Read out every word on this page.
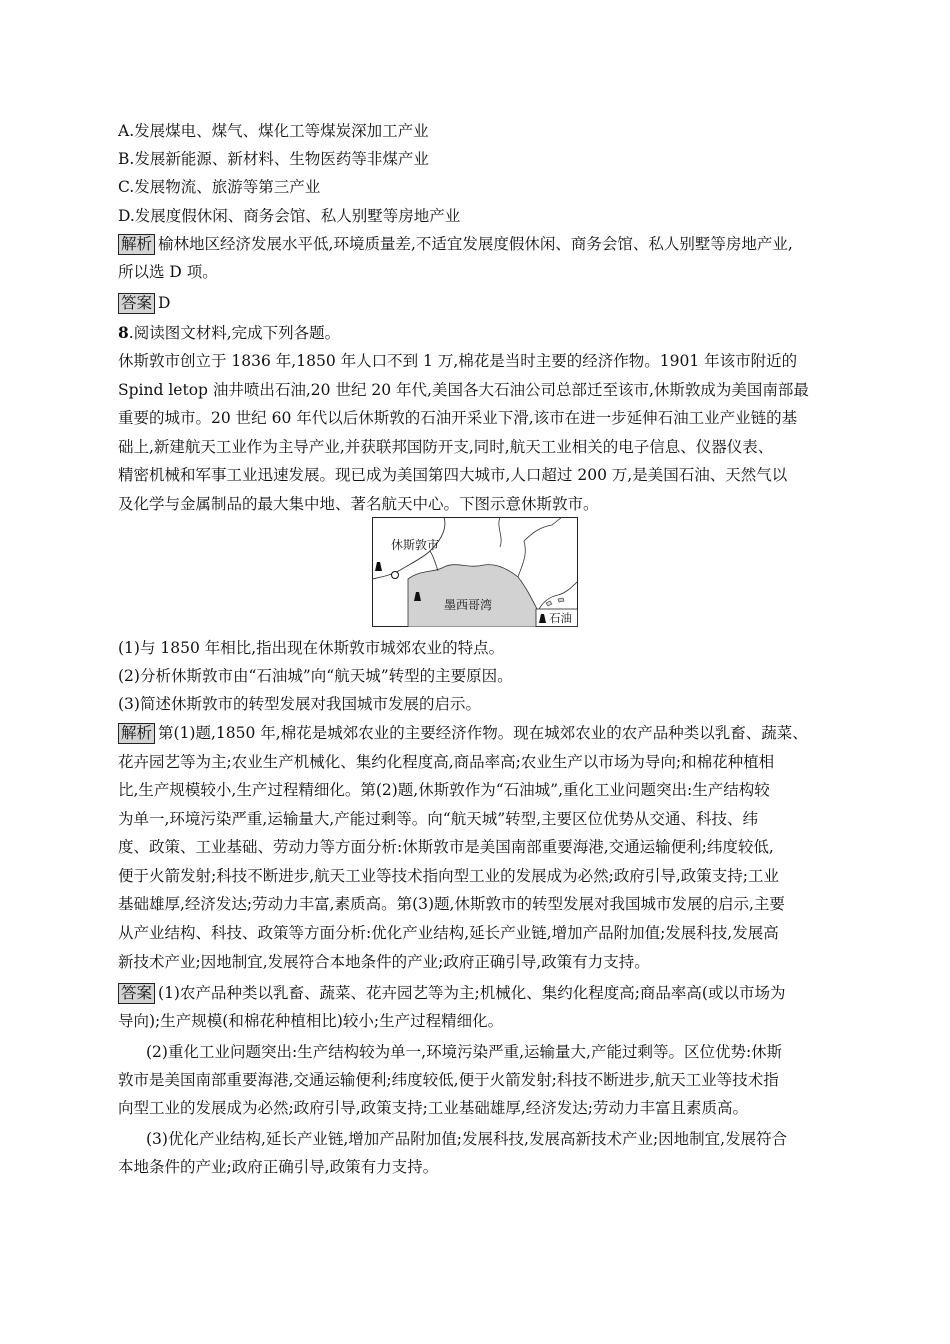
A.发展煤电、煤气、煤化工等煤炭深加工产业
B.发展新能源、新材料、生物医药等非煤产业
C.发展物流、旅游等第三产业
D.发展度假休闲、商务会馆、私人别墅等房地产业
解析 榆林地区经济发展水平低,环境质量差,不适宜发展度假休闲、商务会馆、私人别墅等房地产业,
所以选 D 项。
答案 D
8.阅读图文材料,完成下列各题。
休斯敦市创立于 1836 年,1850 年人口不到 1 万,棉花是当时主要的经济作物。1901 年该市附近的
Spind letop 油井喷出石油,20 世纪 20 年代,美国各大石油公司总部迁至该市,休斯敦成为美国南部最
重要的城市。20 世纪 60 年代以后休斯敦的石油开采业下滑,该市在进一步延伸石油工业产业链的基
础上,新建航天工业作为主导产业,并获联邦国防开支,同时,航天工业相关的电子信息、仪器仪表、
精密机械和军事工业迅速发展。现已成为美国第四大城市,人口超过 200 万,是美国石油、天然气以
及化学与金属制品的最大集中地、著名航天中心。下图示意休斯敦市。
休斯敦市
墨西哥湾
石油
(1)与 1850 年相比,指出现在休斯敦市城郊农业的特点。
(2)分析休斯敦市由“石油城”向“航天城”转型的主要原因。
(3)简述休斯敦市的转型发展对我国城市发展的启示。
解析 第(1)题,1850 年,棉花是城郊农业的主要经济作物。现在城郊农业的农产品种类以乳畜、蔬菜、
花卉园艺等为主;农业生产机械化、集约化程度高,商品率高;农业生产以市场为导向;和棉花种植相
比,生产规模较小,生产过程精细化。第(2)题,休斯敦作为“石油城”,重化工业问题突出:生产结构较
为单一,环境污染严重,运输量大,产能过剩等。向“航天城”转型,主要区位优势从交通、科技、纬
度、政策、工业基础、劳动力等方面分析:休斯敦市是美国南部重要海港,交通运输便利;纬度较低,
便于火箭发射;科技不断进步,航天工业等技术指向型工业的发展成为必然;政府引导,政策支持;工业
基础雄厚,经济发达;劳动力丰富,素质高。第(3)题,休斯敦市的转型发展对我国城市发展的启示,主要
从产业结构、科技、政策等方面分析:优化产业结构,延长产业链,增加产品附加值;发展科技,发展高
新技术产业;因地制宜,发展符合本地条件的产业;政府正确引导,政策有力支持。
答案 (1)农产品种类以乳畜、蔬菜、花卉园艺等为主;机械化、集约化程度高;商品率高(或以市场为
导向);生产规模(和棉花种植相比)较小;生产过程精细化。
(2)重化工业问题突出:生产结构较为单一,环境污染严重,运输量大,产能过剩等。区位优势:休斯
敦市是美国南部重要海港,交通运输便利;纬度较低,便于火箭发射;科技不断进步,航天工业等技术指
向型工业的发展成为必然;政府引导,政策支持;工业基础雄厚,经济发达;劳动力丰富且素质高。
(3)优化产业结构,延长产业链,增加产品附加值;发展科技,发展高新技术产业;因地制宜,发展符合
本地条件的产业;政府正确引导,政策有力支持。
